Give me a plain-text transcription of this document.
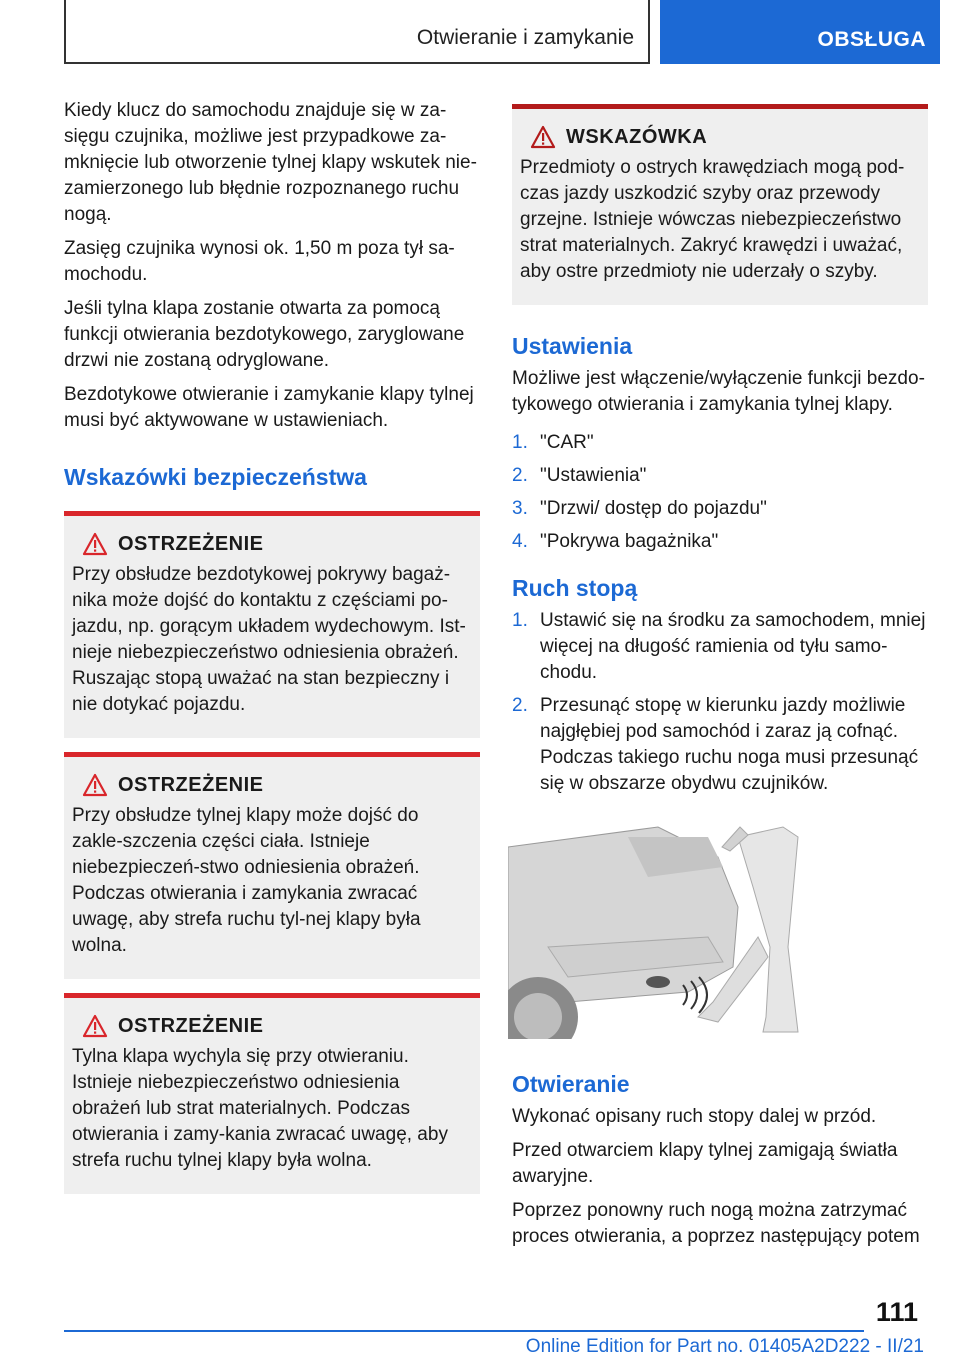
Otwieranie i zamykanie	OBSŁUGA

Kiedy klucz do samochodu znajduje się w za-sięgu czujnika, możliwe jest przypadkowe za-mknięcie lub otworzenie tylnej klapy wskutek nie-zamierzonego lub błędnie rozpoznanego ruchu nogą.

Zasięg czujnika wynosi ok. 1,50 m poza tył sa-mochodu.

Jeśli tylna klapa zostanie otwarta za pomocą funkcji otwierania bezdotykowego, zaryglowane drzwi nie zostaną odryglowane.

Bezdotykowe otwieranie i zamykanie klapy tylnej musi być aktywowane w ustawieniach.

Wskazówki bezpieczeństwa
OSTRZEŻENIE

Przy obsłudze bezdotykowej pokrywy bagaż-nika może dojść do kontaktu z częściami po-jazdu, np. gorącym układem wydechowym. Ist-nieje niebezpieczeństwo odniesienia obrażeń. Ruszając stopą uważać na stan bezpieczny i nie dotykać pojazdu.

OSTRZEŻENIE

Przy obsłudze tylnej klapy może dojść do zakle-szczenia części ciała. Istnieje niebezpieczeń-stwo odniesienia obrażeń. Podczas otwierania i zamykania zwracać uwagę, aby strefa ruchu tyl-nej klapy była wolna.

OSTRZEŻENIE

Tylna klapa wychyla się przy otwieraniu. Istnieje niebezpieczeństwo odniesienia obrażeń lub strat materialnych. Podczas otwierania i zamy-kania zwracać uwagę, aby strefa ruchu tylnej klapy była wolna.

WSKAZÓWKA

Przedmioty o ostrych krawędziach mogą pod-czas jazdy uszkodzić szyby oraz przewody grzejne. Istnieje wówczas niebezpieczeństwo strat materialnych. Zakryć krawędzi i uważać, aby ostre przedmioty nie uderzały o szyby.

Ustawienia

Możliwe jest włączenie/wyłączenie funkcji bezdo-tykowego otwierania i zamykania tylnej klapy.

1. "CAR"
2. "Ustawienia"
3. "Drzwi/ dostęp do pojazdu"
4. "Pokrywa bagażnika"
Ruch stopą
1. Ustawić się na środku za samochodem, mniej więcej na długość ramienia od tyłu samo-chodu.
2. Przesunąć stopę w kierunku jazdy możliwie najgłębiej pod samochód i zaraz ją cofnąć. Podczas takiego ruchu noga musi przesunąć się w obszarze obydwu czujników.
Otwieranie

Wykonać opisany ruch stopy dalej w przód.

Przed otwarciem klapy tylnej zamigają światła awaryjne.

Poprzez ponowny ruch nogą można zatrzymać proces otwierania, a poprzez następujący potem

111
Online Edition for Part no. 01405A2D222 - II/21
